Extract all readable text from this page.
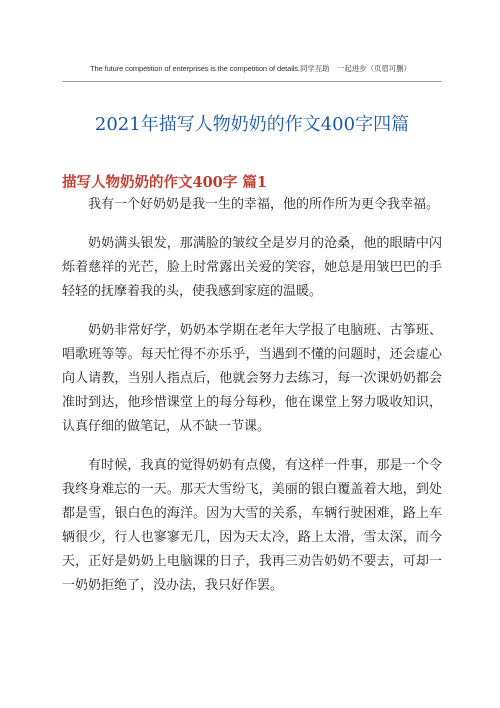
The future competition of enterprises is the competition of details.同学互助　一起进步（页眉可删）
2021年描写人物奶奶的作文400字四篇
描写人物奶奶的作文400字 篇1

我有一个好奶奶是我一生的幸福，他的所作所为更令我幸福。

奶奶满头银发，那满脸的皱纹全是岁月的沧桑，他的眼睛中闪烁着慈祥的光芒，脸上时常露出关爱的笑容，她总是用皱巴巴的手轻轻的抚摩着我的头，使我感到家庭的温暖。

奶奶非常好学，奶奶本学期在老年大学报了电脑班、古筝班、唱歌班等等。每天忙得不亦乐乎，当遇到不懂的问题时，还会虚心向人请教，当别人指点后，他就会努力去练习，每一次课奶奶都会准时到达，他珍惜课堂上的每分每秒，他在课堂上努力吸收知识，认真仔细的做笔记，从不缺一节课。

有时候，我真的觉得奶奶有点傻，有这样一件事，那是一个令我终身难忘的一天。那天大雪纷飞，美丽的银白覆盖着大地，到处都是雪，银白色的海洋。因为大雪的关系，车辆行驶困难，路上车辆很少，行人也寥寥无几，因为天太冷，路上太滑，雪太深，而今天，正好是奶奶上电脑课的日子，我再三劝告奶奶不要去，可却一一奶奶拒绝了，没办法，我只好作罢。
